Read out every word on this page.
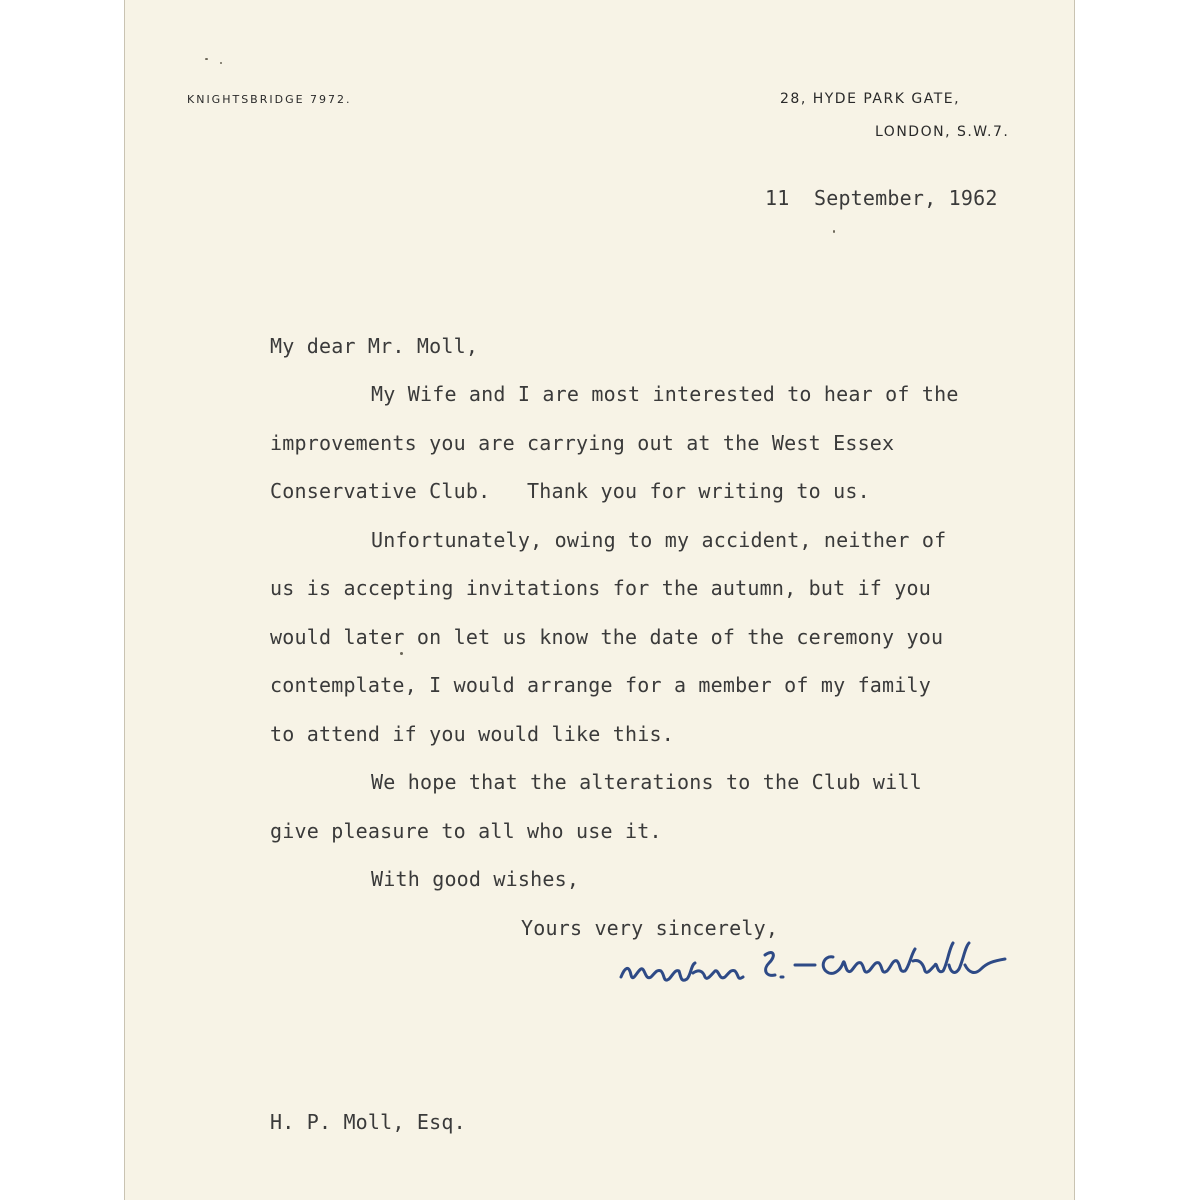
KNIGHTSBRIDGE 7972.	28, HYDE PARK GATE,
LONDON, S.W.7.
11  September, 1962
My dear Mr. Moll,
My Wife and I are most interested to hear of the
improvements you are carrying out at the West Essex
Conservative Club.   Thank you for writing to us.
Unfortunately, owing to my accident, neither of
us is accepting invitations for the autumn, but if you
would later on let us know the date of the ceremony you
contemplate, I would arrange for a member of my family
to attend if you would like this.
We hope that the alterations to the Club will
give pleasure to all who use it.
With good wishes,
Yours very sincerely,
H. P. Moll, Esq.
